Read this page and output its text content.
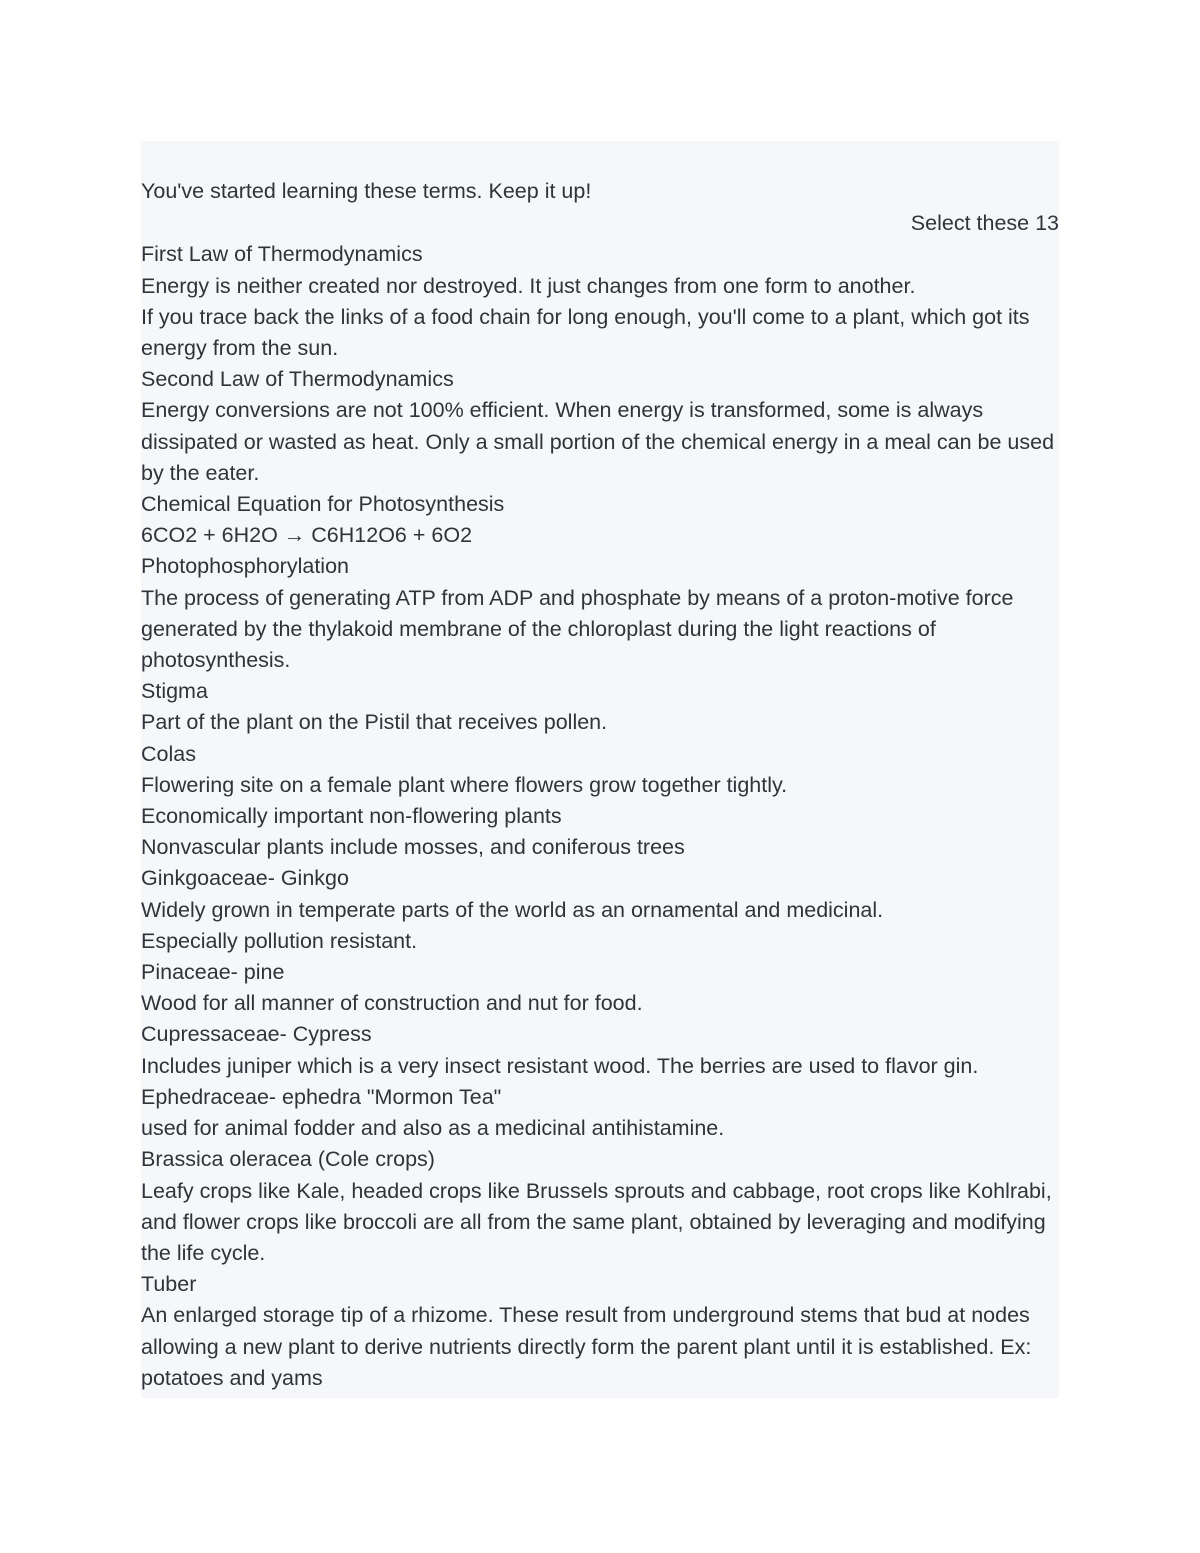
You've started learning these terms. Keep it up!

Select these 13

First Law of Thermodynamics

Energy is neither created nor destroyed. It just changes from one form to another.

If you trace back the links of a food chain for long enough, you'll come to a plant, which got its energy from the sun.

Second Law of Thermodynamics

Energy conversions are not 100% efficient. When energy is transformed, some is always dissipated or wasted as heat. Only a small portion of the chemical energy in a meal can be used by the eater.

Chemical Equation for Photosynthesis

6CO2 + 6H2O → C6H12O6 + 6O2

Photophosphorylation

The process of generating ATP from ADP and phosphate by means of a proton-motive force generated by the thylakoid membrane of the chloroplast during the light reactions of photosynthesis.

Stigma

Part of the plant on the Pistil that receives pollen.

Colas

Flowering site on a female plant where flowers grow together tightly.

Economically important non-flowering plants

Nonvascular plants include mosses, and coniferous trees

Ginkgoaceae- Ginkgo

Widely grown in temperate parts of the world as an ornamental and medicinal.

Especially pollution resistant.

Pinaceae- pine

Wood for all manner of construction and nut for food.

Cupressaceae- Cypress

Includes juniper which is a very insect resistant wood. The berries are used to flavor gin.

Ephedraceae- ephedra "Mormon Tea"

used for animal fodder and also as a medicinal antihistamine.

Brassica oleracea (Cole crops)

Leafy crops like Kale, headed crops like Brussels sprouts and cabbage, root crops like Kohlrabi, and flower crops like broccoli are all from the same plant, obtained by leveraging and modifying the life cycle.

Tuber

An enlarged storage tip of a rhizome. These result from underground stems that bud at nodes allowing a new plant to derive nutrients directly form the parent plant until it is established. Ex: potatoes and yams
